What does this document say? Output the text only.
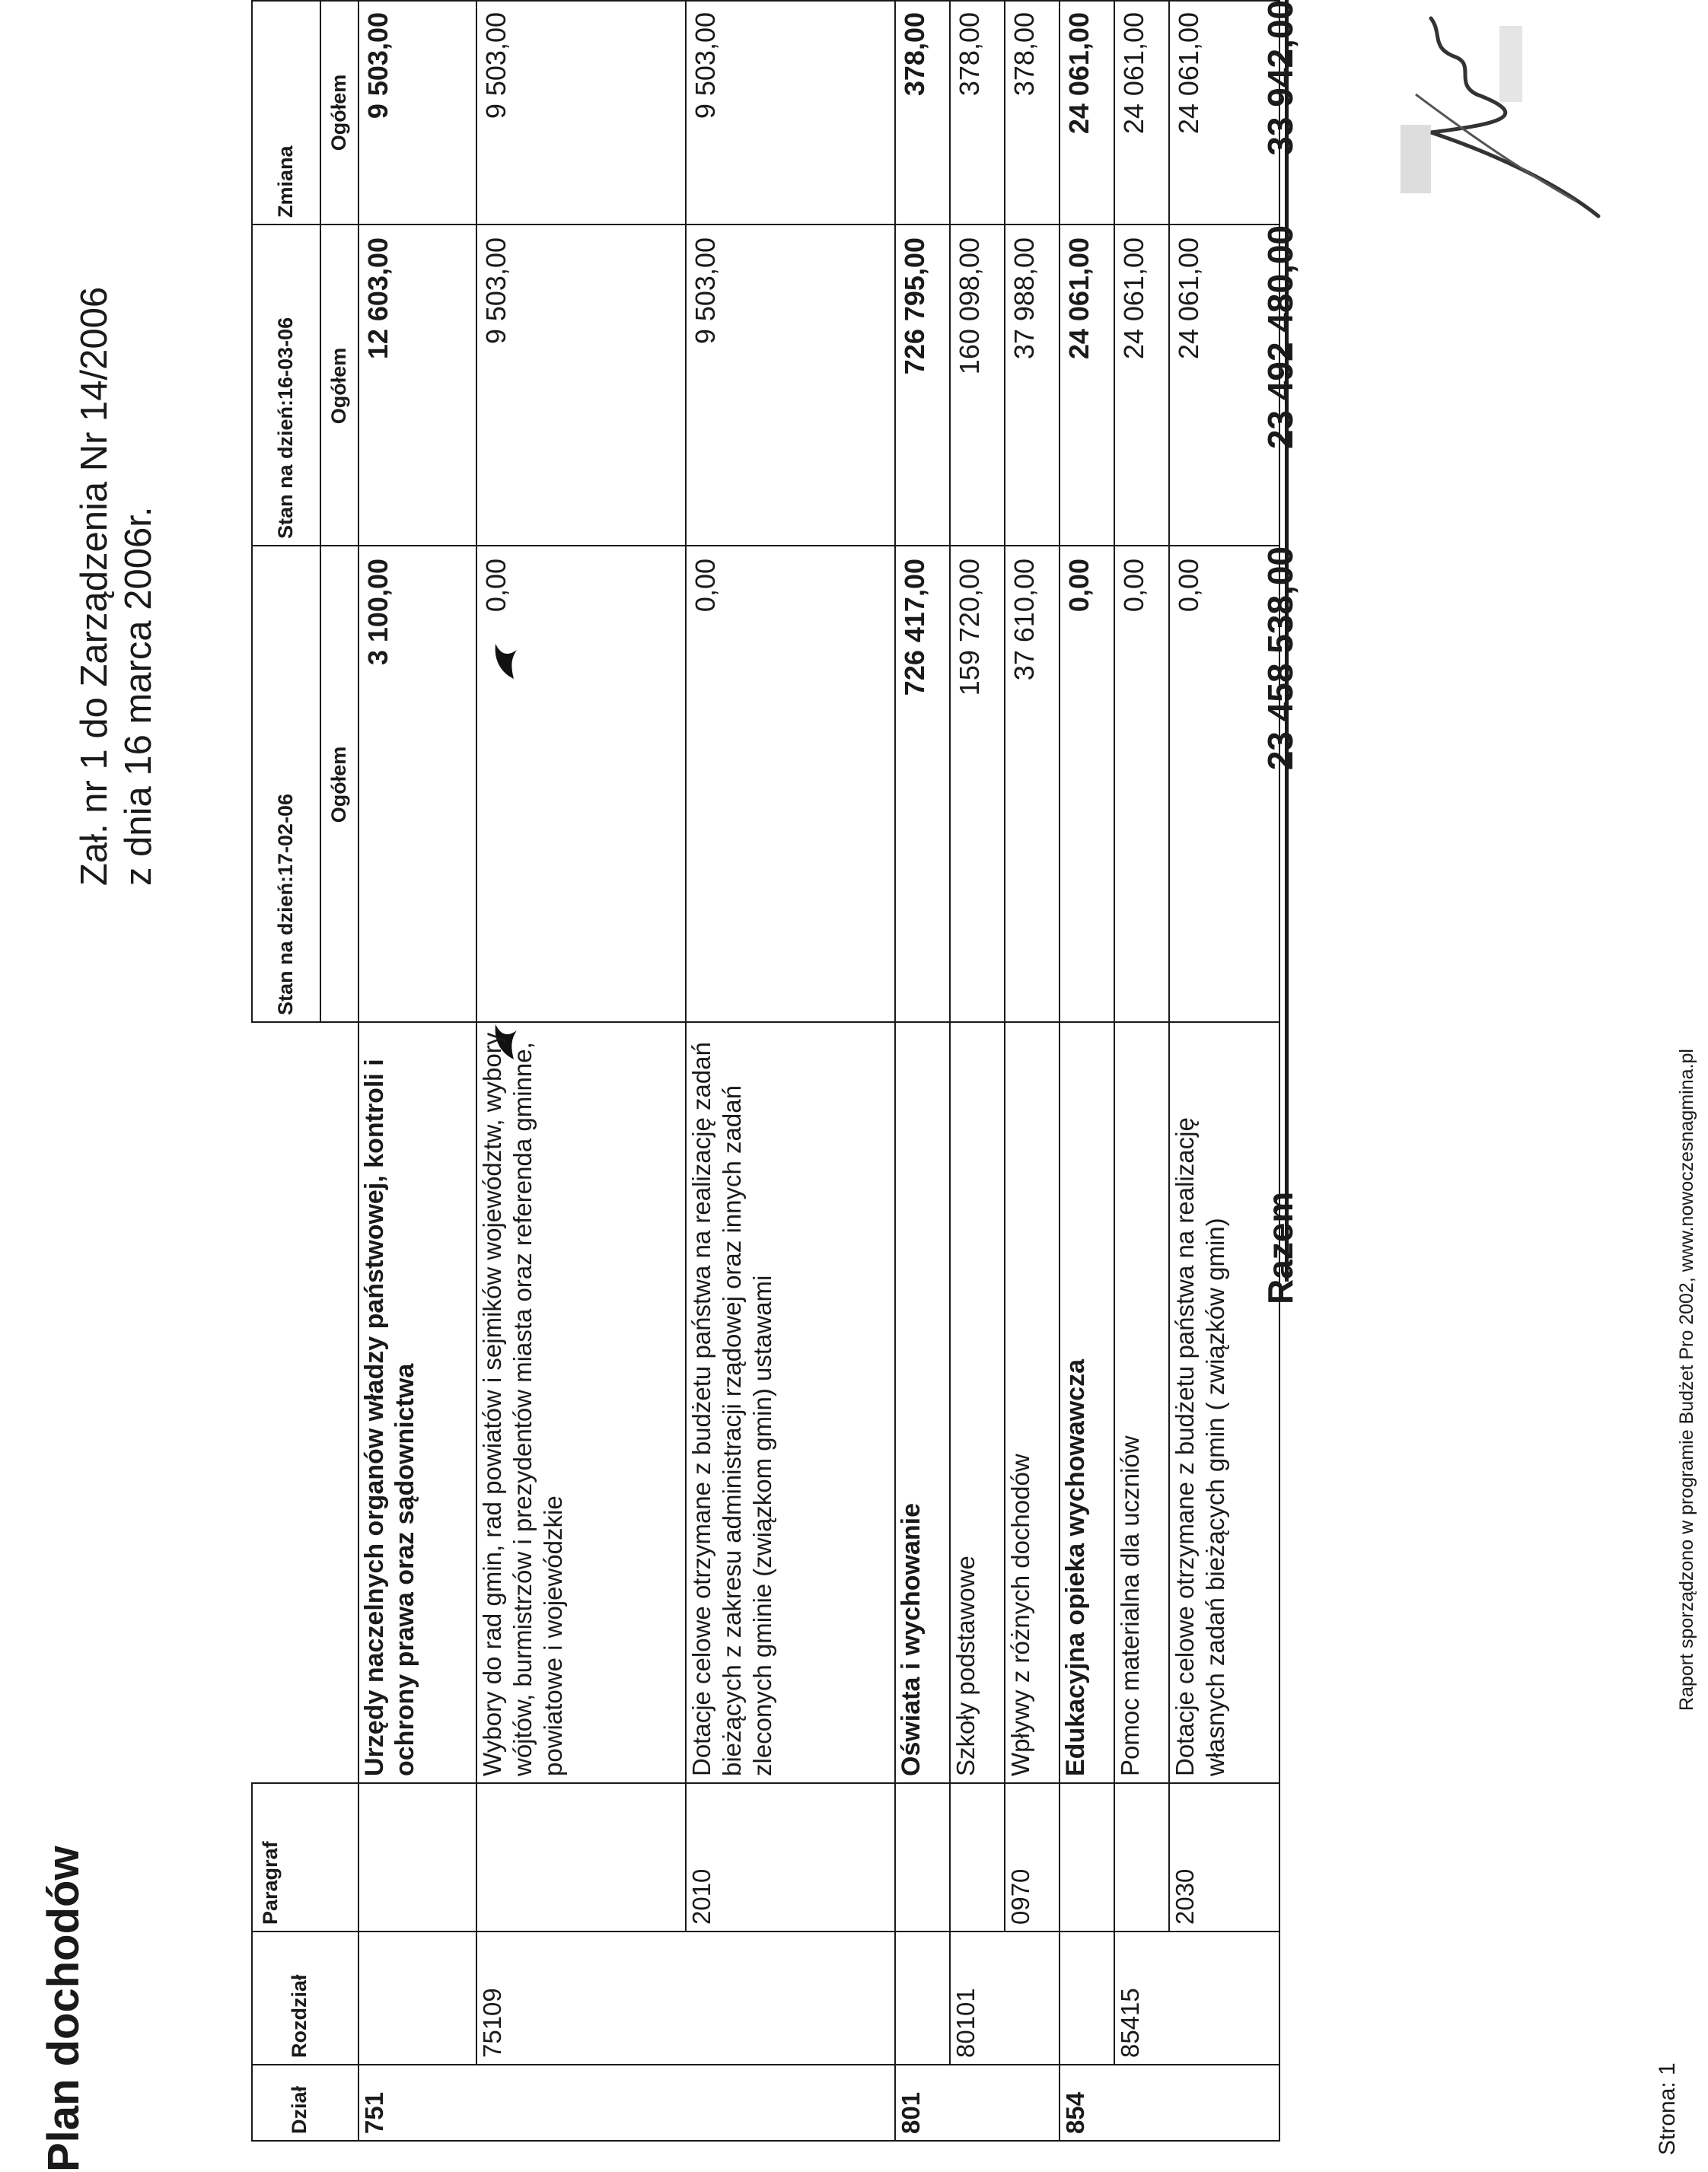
Plan dochodów
Zał. nr 1 do Zarządzenia Nr 14/2006 z dnia 16 marca 2006r.
Dział
Rozdział
Paragraf
Stan na dzień:17-02-06
Stan na dzień:16-03-06
Zmiana
Ogółem
Ogółem
Ogółem
751
Urzędy naczelnych organów władzy państwowej, kontroli i ochrony prawa oraz sądownictwa
3 100,00
12 603,00
9 503,00
75109
Wybory do rad gmin, rad powiatów i sejmików województw, wybory wójtów, burmistrzów i prezydentów miasta oraz referenda gminne, powiatowe i wojewódzkie
0,00
9 503,00
9 503,00
2010
Dotacje celowe otrzymane z budżetu państwa na realizację zadań bieżących z zakresu administracji rządowej oraz innych zadań zleconych gminie (związkom gmin) ustawami
0,00
9 503,00
9 503,00
801
Oświata i wychowanie
726 417,00
726 795,00
378,00
80101
Szkoły podstawowe
159 720,00
160 098,00
378,00
0970
Wpływy z różnych dochodów
37 610,00
37 988,00
378,00
854
Edukacyjna opieka wychowawcza
0,00
24 061,00
24 061,00
85415
Pomoc materialna dla uczniów
0,00
24 061,00
24 061,00
2030
Dotacje celowe otrzymane z budżetu państwa na realizację własnych zadań bieżących gmin ( związków gmin)
0,00
24 061,00
24 061,00
Razem
23 458 538,00
23 492 480,00
33 942,00
Strona: 1
Raport sporządzono w programie Budżet Pro 2002, www.nowoczesnagmina.pl
